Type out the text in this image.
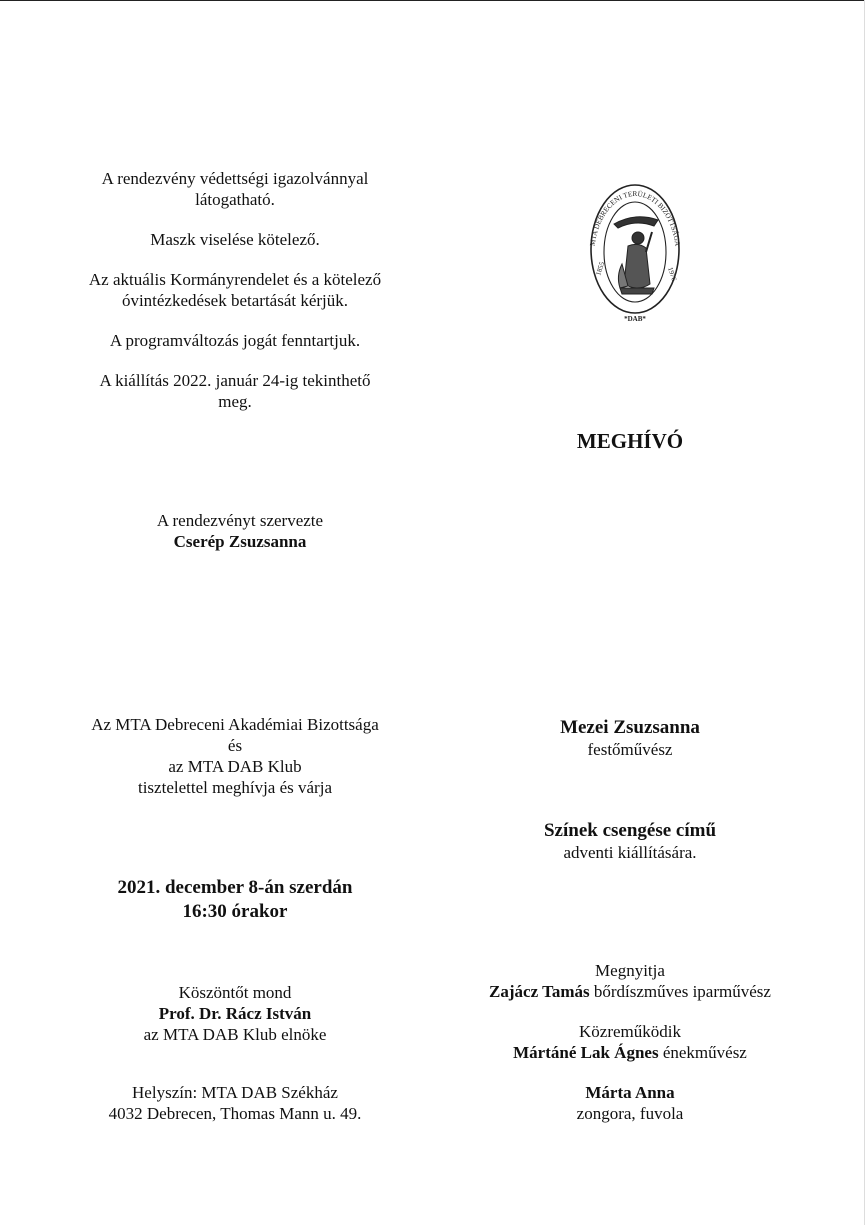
A rendezvény védettségi igazolvánnyal

látogatható.

Maszk viselése kötelező.

Az aktuális Kormányrendelet és a kötelező

óvintézkedések betartását kérjük.

A programváltozás jogát fenntartjuk.

A kiállítás 2022. január 24-ig tekinthető

meg.

A rendezvényt szervezte

Cserép Zsuzsanna

MTA DEBRECENI TERÜLETI BIZOTTSÁGA
1855	1976
*DAB*
MEGHÍVÓ

Az MTA Debreceni Akadémiai Bizottsága

és

az MTA DAB Klub

tisztelettel meghívja és várja

2021. december 8-án szerdán

16:30 órakor

Köszöntőt mond

Prof. Dr. Rácz István

az MTA DAB Klub elnöke

Helyszín: MTA DAB Székház

4032 Debrecen, Thomas Mann u. 49.

Mezei Zsuzsanna

festőművész

Színek csengése című

adventi kiállítására.

Megnyitja

Zajácz Tamás bőrdíszműves iparművész

Közreműködik

Mártáné Lak Ágnes énekművész

Márta Anna

zongora, fuvola
